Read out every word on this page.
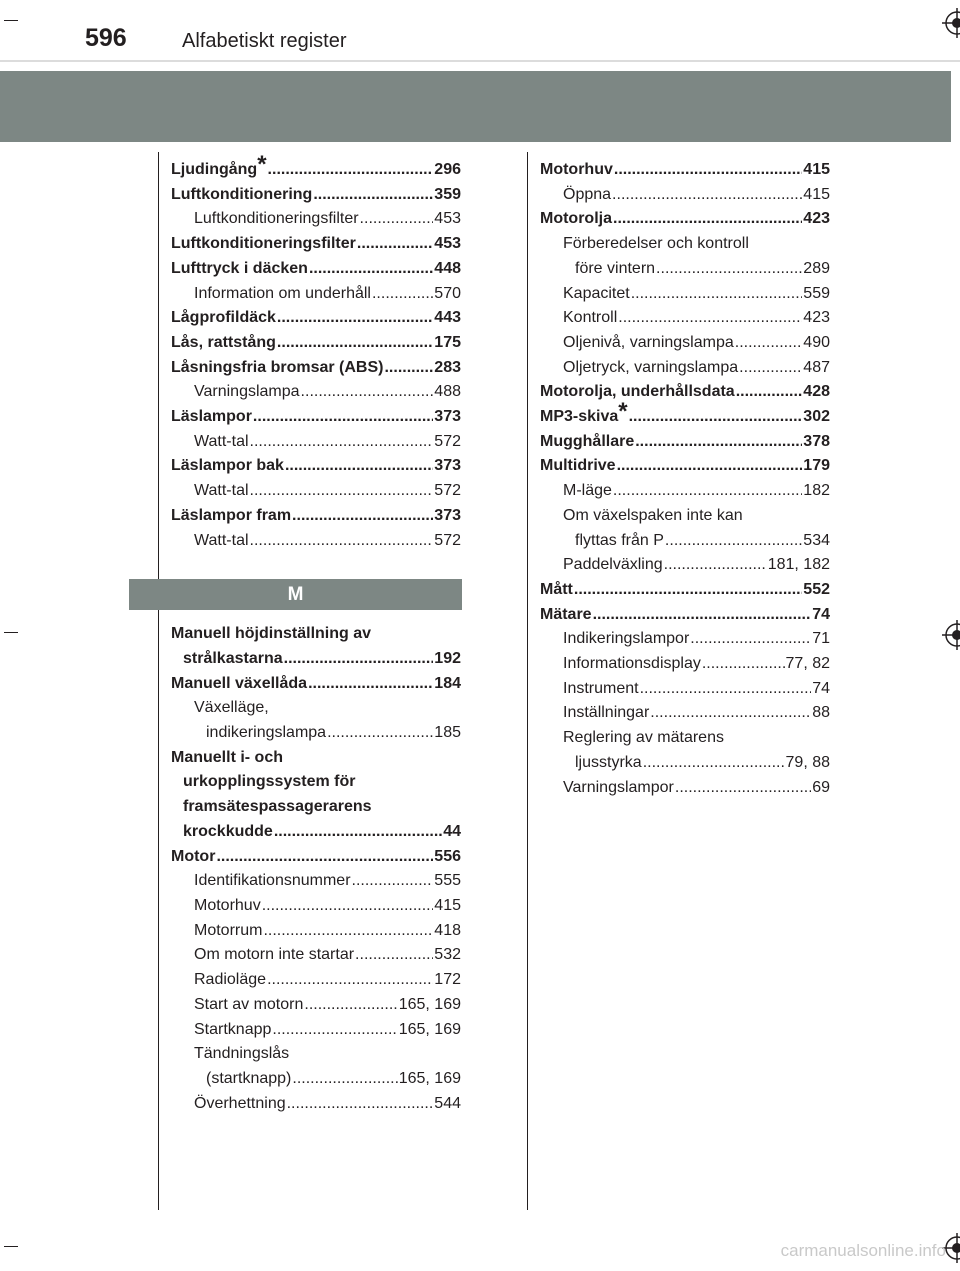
596	Alfabetiskt register
Ljudingång* .....	296
Luftkonditionering .....	359
Luftkonditioneringsfilter .....	453
Luftkonditioneringsfilter .....	453
Lufttryck i däcken .....	448
Information om underhåll .....	570
Lågprofildäck .....	443
Lås, rattstång .....	175
Låsningsfria bromsar (ABS) .....	283
Varningslampa .....	488
Läslampor .....	373
Watt-tal .....	572
Läslampor bak .....	373
Watt-tal .....	572
Läslampor fram .....	373
Watt-tal .....	572
M
Manuell höjdinställning av
strålkastarna .....	192
Manuell växellåda .....	184
Växelläge,
indikeringslampa .....	185
Manuellt i- och
urkopplingssystem för
framsätespassagerarens
krockkudde .....	44
Motor .....	556
Identifikationsnummer .....	555
Motorhuv .....	415
Motorrum .....	418
Om motorn inte startar .....	532
Radioläge .....	172
Start av motorn .....	165, 169
Startknapp .....	165, 169
Tändningslås
(startknapp) .....	165, 169
Överhettning .....	544
Motorhuv .....	415
Öppna .....	415
Motorolja .....	423
Förberedelser och kontroll
före vintern .....	289
Kapacitet .....	559
Kontroll .....	423
Oljenivå, varningslampa .....	490
Oljetryck, varningslampa .....	487
Motorolja, underhållsdata .....	428
MP3-skiva* .....	302
Mugghållare .....	378
Multidrive .....	179
M-läge .....	182
Om växelspaken inte kan
flyttas från P .....	534
Paddelväxling .....	181, 182
Mått .....	552
Mätare .....	74
Indikeringslampor .....	71
Informationsdisplay .....	77, 82
Instrument .....	74
Inställningar .....	88
Reglering av mätarens
ljusstyrka .....	79, 88
Varningslampor .....	69
carmanualsonline.info
